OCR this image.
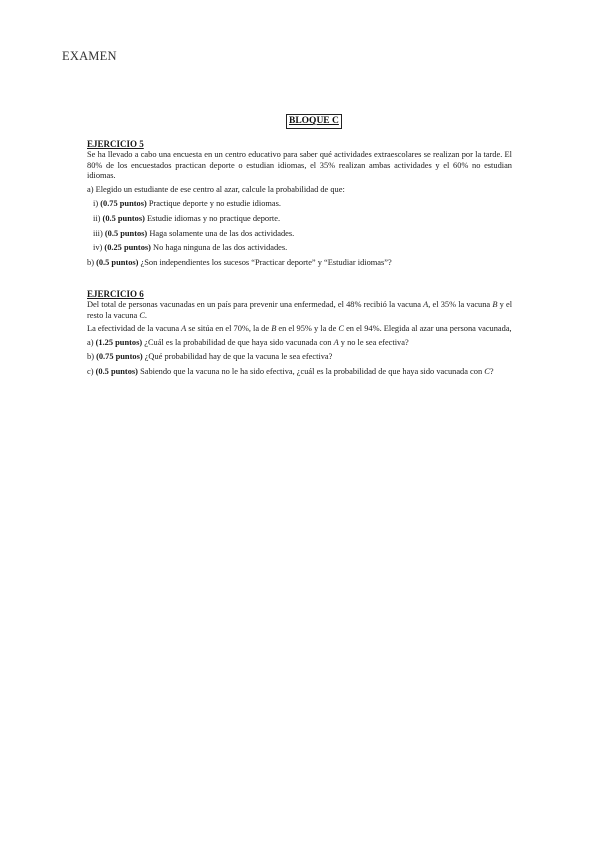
EXAMEN
BLOQUE C
EJERCICIO 5
Se ha llevado a cabo una encuesta en un centro educativo para saber qué actividades extraescolares se realizan por la tarde. El 80% de los encuestados practican deporte o estudian idiomas, el 35% realizan ambas actividades y el 60% no estudian idiomas.
a) Elegido un estudiante de ese centro al azar, calcule la probabilidad de que:
i) (0.75 puntos) Practique deporte y no estudie idiomas.
ii) (0.5 puntos) Estudie idiomas y no practique deporte.
iii) (0.5 puntos) Haga solamente una de las dos actividades.
iv) (0.25 puntos) No haga ninguna de las dos actividades.
b) (0.5 puntos) ¿Son independientes los sucesos “Practicar deporte” y “Estudiar idiomas”?
EJERCICIO 6
Del total de personas vacunadas en un país para prevenir una enfermedad, el 48% recibió la vacuna A, el 35% la vacuna B y el resto la vacuna C.
La efectividad de la vacuna A se sitúa en el 70%, la de B en el 95% y la de C en el 94%. Elegida al azar una persona vacunada,
a) (1.25 puntos) ¿Cuál es la probabilidad de que haya sido vacunada con A y no le sea efectiva?
b) (0.75 puntos) ¿Qué probabilidad hay de que la vacuna le sea efectiva?
c) (0.5 puntos) Sabiendo que la vacuna no le ha sido efectiva, ¿cuál es la probabilidad de que haya sido vacunada con C?
